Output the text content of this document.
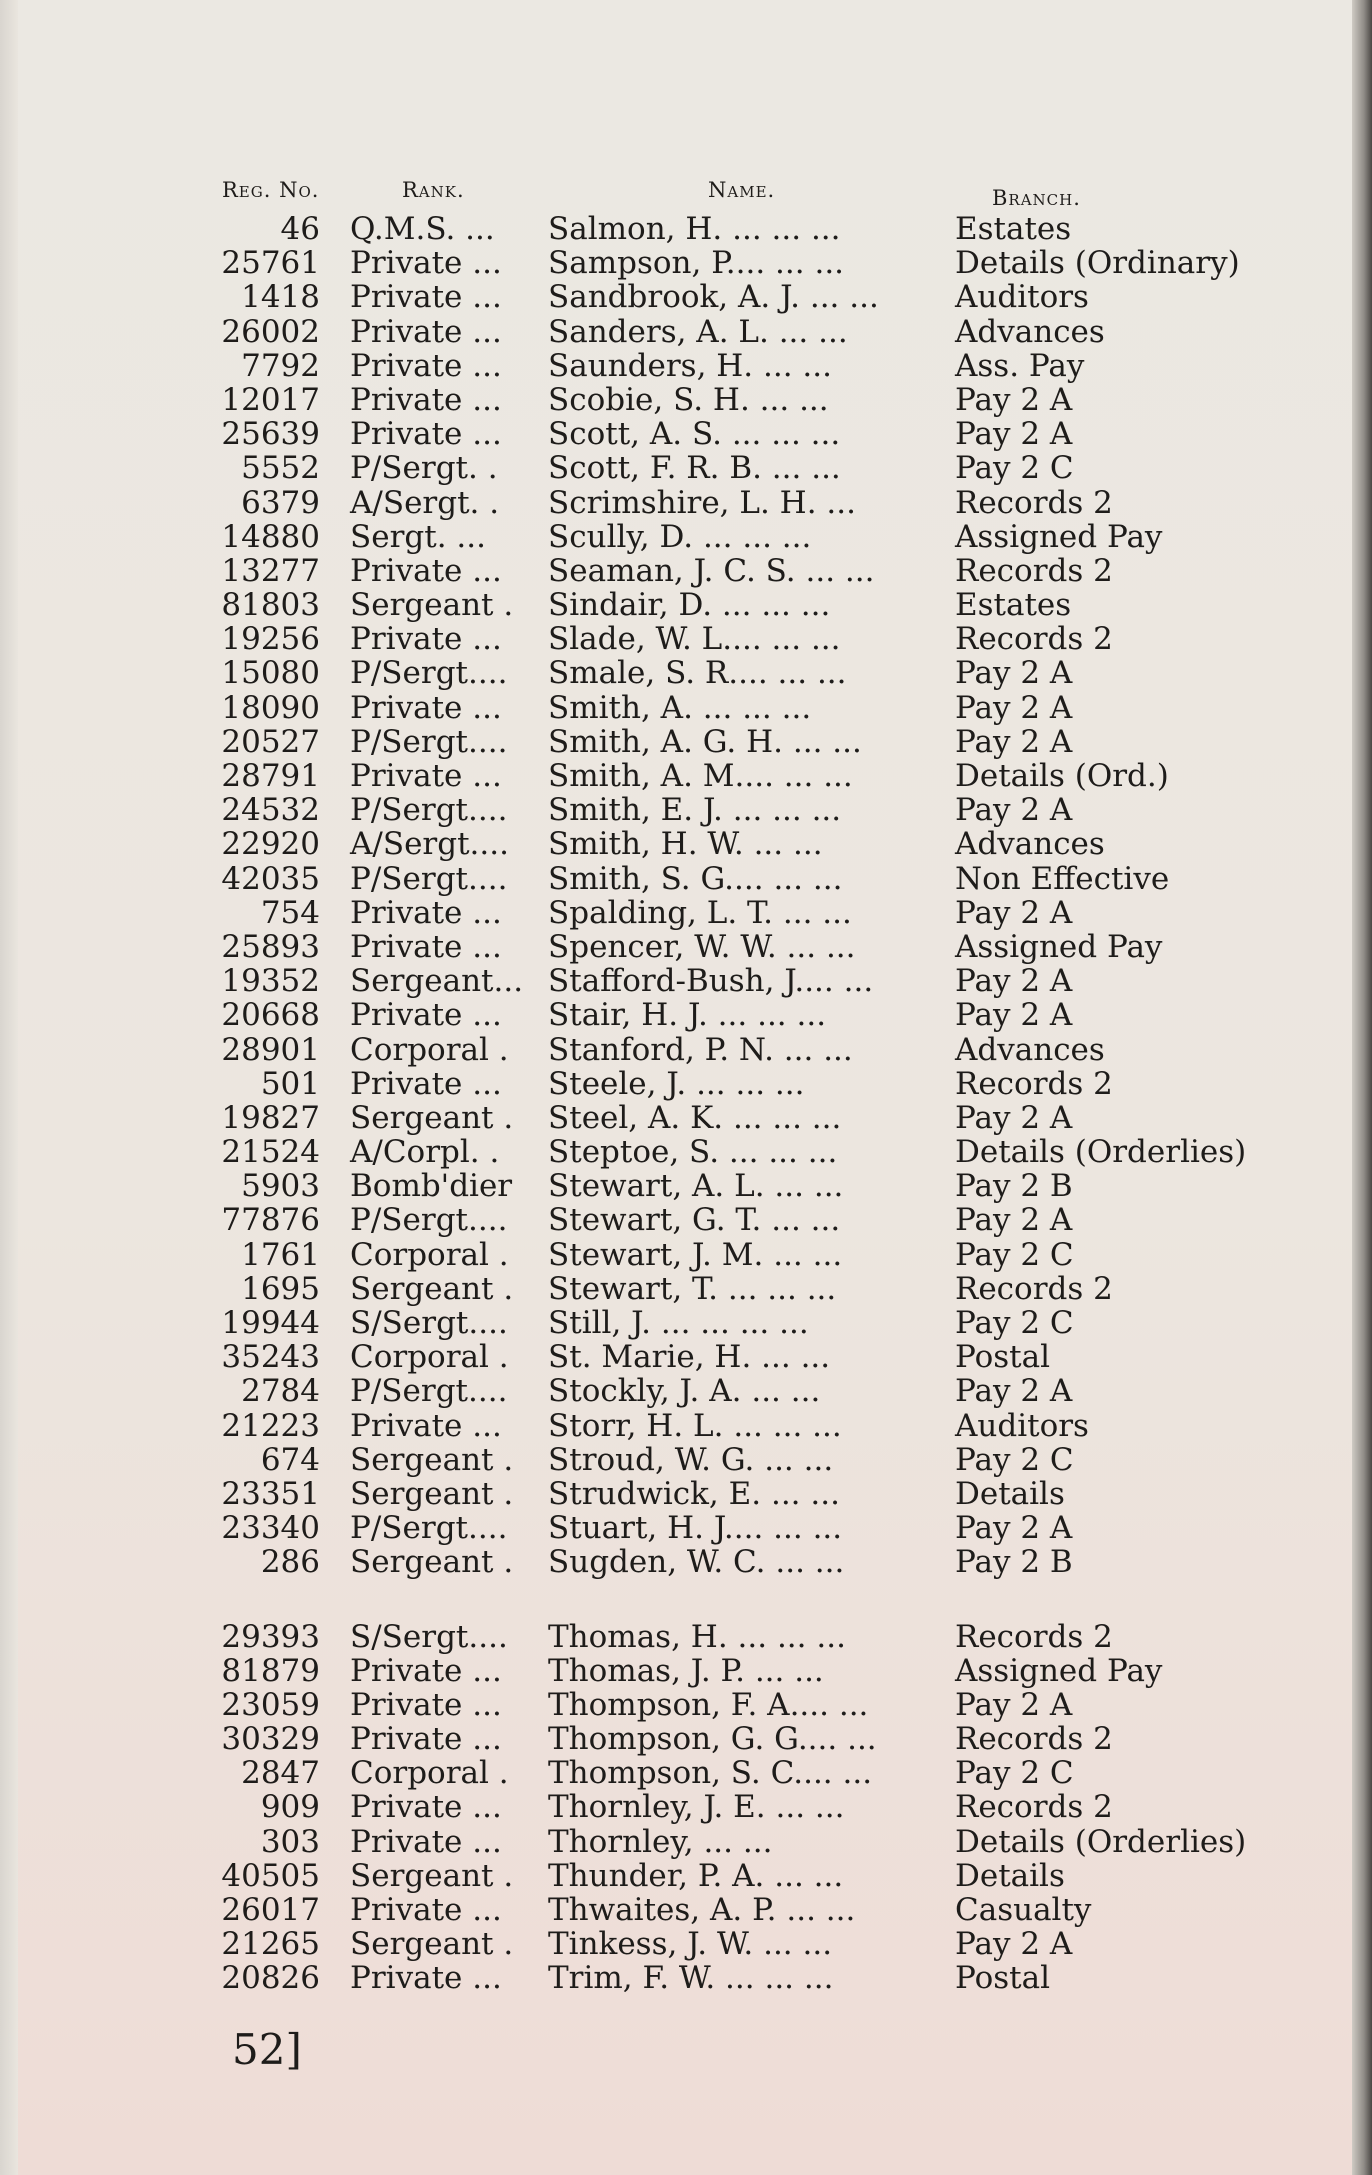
Reg. No.	Rank.	Name.	Branch.
46 Q.M.S. ... Salmon, H. ... ... ...	Estates
25761 Private ... Sampson, P.... ... ...	Details (Ordinary)
1418 Private ... Sandbrook, A. J. ... ... Auditors
26002 Private ... Sanders, A. L. ... ...	Advances
7792 Private ... Saunders, H. ... ...	Ass. Pay
12017 Private ... Scobie, S. H. ... ...	Pay 2 A
25639 Private ... Scott, A. S. ... ... ...	Pay 2 A
5552 P/Sergt. . Scott, F. R. B. ... ...	Pay 2 C
6379 A/Sergt. . Scrimshire, L. H. ...	Records 2
14880 Sergt. ... Scully, D. ... ... ...	Assigned Pay
13277 Private ... Seaman, J. C. S. ... ...	Records 2
81803 Sergeant . Sindair, D. ... ... ...	Estates
19256 Private ... Slade, W. L.... ... ...	Records 2
15080 P/Sergt.... Smale, S. R.... ... ...	Pay 2 A
18090 Private ... Smith, A. ... ... ...	Pay 2 A
20527 P/Sergt.... Smith, A. G. H. ... ...	Pay 2 A
28791 Private ... Smith, A. M.... ... ...	Details (Ord.)
24532 P/Sergt.... Smith, E. J. ... ... ...	Pay 2 A
22920 A/Sergt.... Smith, H. W. ... ...	Advances
42035 P/Sergt.... Smith, S. G.... ... ...	Non Effective
754 Private ... Spalding, L. T. ... ...	Pay 2 A
25893 Private ... Spencer, W. W. ... ...	Assigned Pay
19352 Sergeant... Stafford-Bush, J.... ...	Pay 2 A
20668 Private ... Stair, H. J. ... ... ...	Pay 2 A
28901 Corporal . Stanford, P. N. ... ...	Advances
501 Private ... Steele, J. ... ... ...	Records 2
19827 Sergeant . Steel, A. K. ... ... ...	Pay 2 A
21524 A/Corpl. . Steptoe, S. ... ... ...	Details (Orderlies)
5903 Bomb'dier Stewart, A. L. ... ...	Pay 2 B
77876 P/Sergt.... Stewart, G. T. ... ...	Pay 2 A
1761 Corporal . Stewart, J. M. ... ...	Pay 2 C
1695 Sergeant . Stewart, T. ... ... ...	Records 2
19944 S/Sergt.... Still, J. ... ... ... ...	Pay 2 C
35243 Corporal . St. Marie, H. ... ...	Postal
2784 P/Sergt.... Stockly, J. A. ... ...	Pay 2 A
21223 Private ... Storr, H. L. ... ... ...	Auditors
674 Sergeant . Stroud, W. G. ... ...	Pay 2 C
23351 Sergeant . Strudwick, E. ... ...	Details
23340 P/Sergt.... Stuart, H. J.... ... ...	Pay 2 A
286 Sergeant . Sugden, W. C. ... ...	Pay 2 B
29393 S/Sergt.... Thomas, H. ... ... ...	Records 2
81879 Private ... Thomas, J. P. ... ...	Assigned Pay
23059 Private ... Thompson, F. A.... ...	Pay 2 A
30329 Private ... Thompson, G. G.... ...	Records 2
2847 Corporal . Thompson, S. C.... ...	Pay 2 C
909 Private ... Thornley, J. E. ... ...	Records 2
303 Private ... Thornley, ... ...	Details (Orderlies)
40505 Sergeant . Thunder, P. A. ... ...	Details
26017 Private ... Thwaites, A. P. ... ...	Casualty
21265 Sergeant . Tinkess, J. W. ... ...	Pay 2 A
20826 Private ... Trim, F. W. ... ... ...	Postal
52]
